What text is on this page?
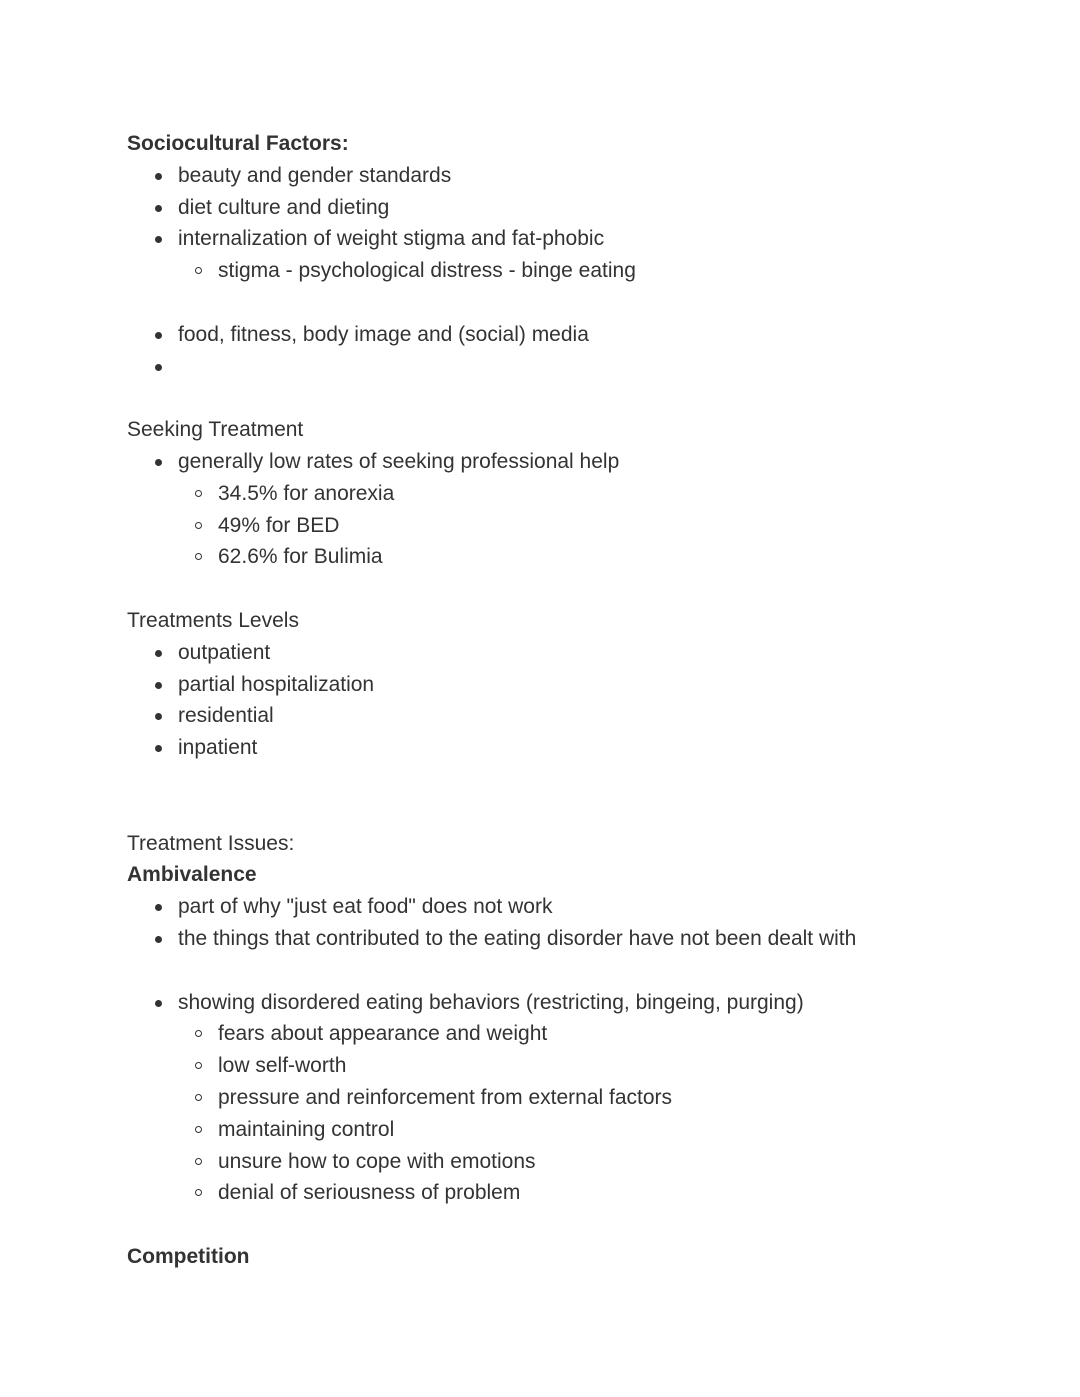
Sociocultural Factors:
beauty and gender standards
diet culture and dieting
internalization of weight stigma and fat-phobic
stigma - psychological distress - binge eating
food, fitness, body image and (social) media
Seeking Treatment
generally low rates of seeking professional help
34.5% for anorexia
49% for BED
62.6% for Bulimia
Treatments Levels
outpatient
partial hospitalization
residential
inpatient
Treatment Issues:
Ambivalence
part of why "just eat food" does not work
the things that contributed to the eating disorder have not been dealt with
showing disordered eating behaviors (restricting, bingeing, purging)
fears about appearance and weight
low self-worth
pressure and reinforcement from external factors
maintaining control
unsure how to cope with emotions
denial of seriousness of problem
Competition
